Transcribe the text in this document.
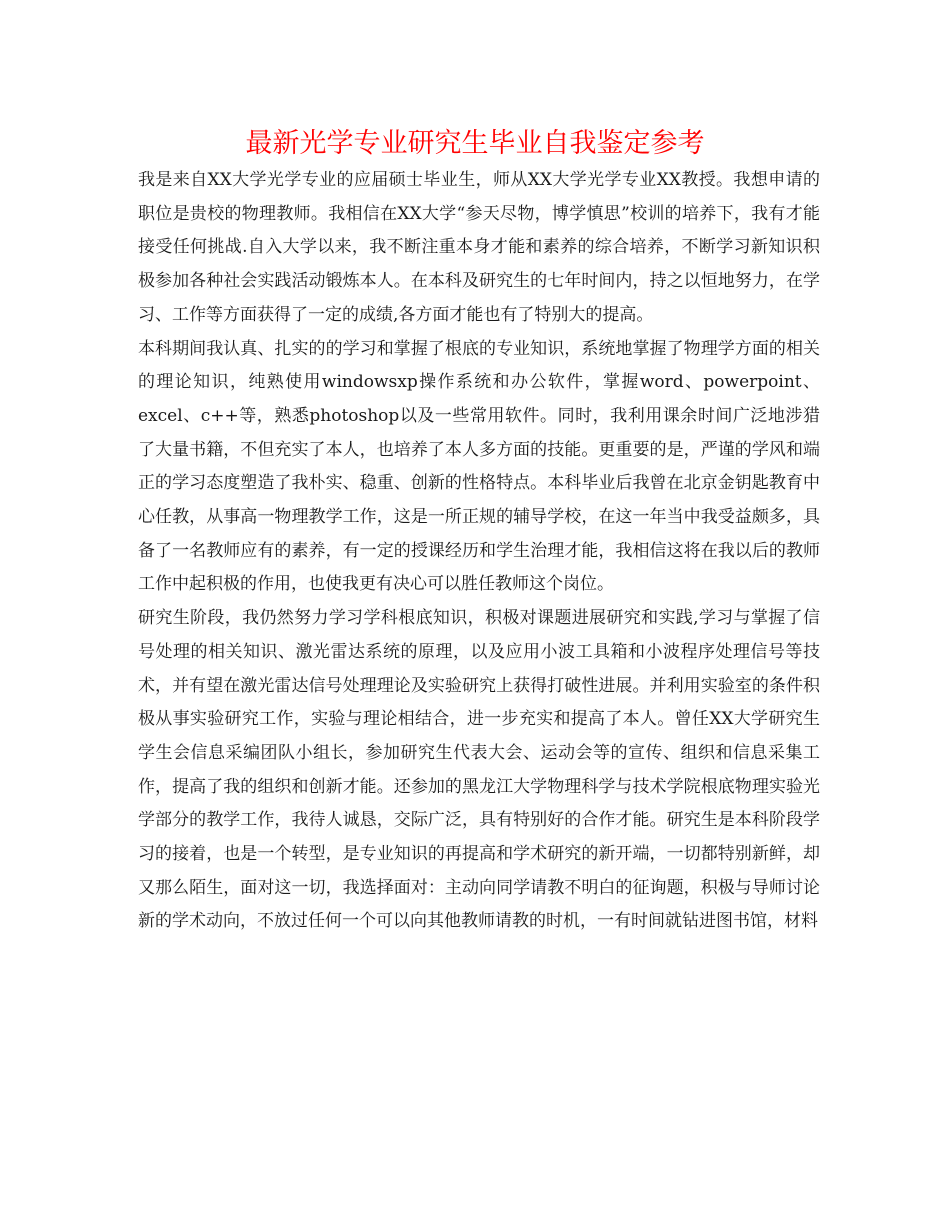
最新光学专业研究生毕业自我鉴定参考

我是来自XX大学光学专业的应届硕士毕业生，师从XX大学光学专业XX教授。我想申请的职位是贵校的物理教师。我相信在XX大学“参天尽物，博学慎思”校训的培养下，我有才能接受任何挑战.自入大学以来，我不断注重本身才能和素养的综合培养，不断学习新知识积极参加各种社会实践活动锻炼本人。在本科及研究生的七年时间内，持之以恒地努力，在学习、工作等方面获得了一定的成绩,各方面才能也有了特别大的提高。

本科期间我认真、扎实的的学习和掌握了根底的专业知识，系统地掌握了物理学方面的相关的理论知识，纯熟使用windowsxp操作系统和办公软件，掌握word、powerpoint、excel、c++等，熟悉photoshop以及一些常用软件。同时，我利用课余时间广泛地涉猎了大量书籍，不但充实了本人，也培养了本人多方面的技能。更重要的是，严谨的学风和端正的学习态度塑造了我朴实、稳重、创新的性格特点。本科毕业后我曾在北京金钥匙教育中心任教，从事高一物理教学工作，这是一所正规的辅导学校，在这一年当中我受益颇多，具备了一名教师应有的素养，有一定的授课经历和学生治理才能，我相信这将在我以后的教师工作中起积极的作用，也使我更有决心可以胜任教师这个岗位。

研究生阶段，我仍然努力学习学科根底知识，积极对课题进展研究和实践,学习与掌握了信号处理的相关知识、激光雷达系统的原理，以及应用小波工具箱和小波程序处理信号等技术，并有望在激光雷达信号处理理论及实验研究上获得打破性进展。并利用实验室的条件积极从事实验研究工作，实验与理论相结合，进一步充实和提高了本人。曾任XX大学研究生学生会信息采编团队小组长，参加研究生代表大会、运动会等的宣传、组织和信息采集工作，提高了我的组织和创新才能。还参加的黑龙江大学物理科学与技术学院根底物理实验光学部分的教学工作，我待人诚恳，交际广泛，具有特别好的合作才能。研究生是本科阶段学习的接着，也是一个转型，是专业知识的再提高和学术研究的新开端，一切都特别新鲜，却又那么陌生，面对这一切，我选择面对：主动向同学请教不明白的征询题，积极与导师讨论新的学术动向，不放过任何一个可以向其他教师请教的时机，一有时间就钻进图书馆，材料
